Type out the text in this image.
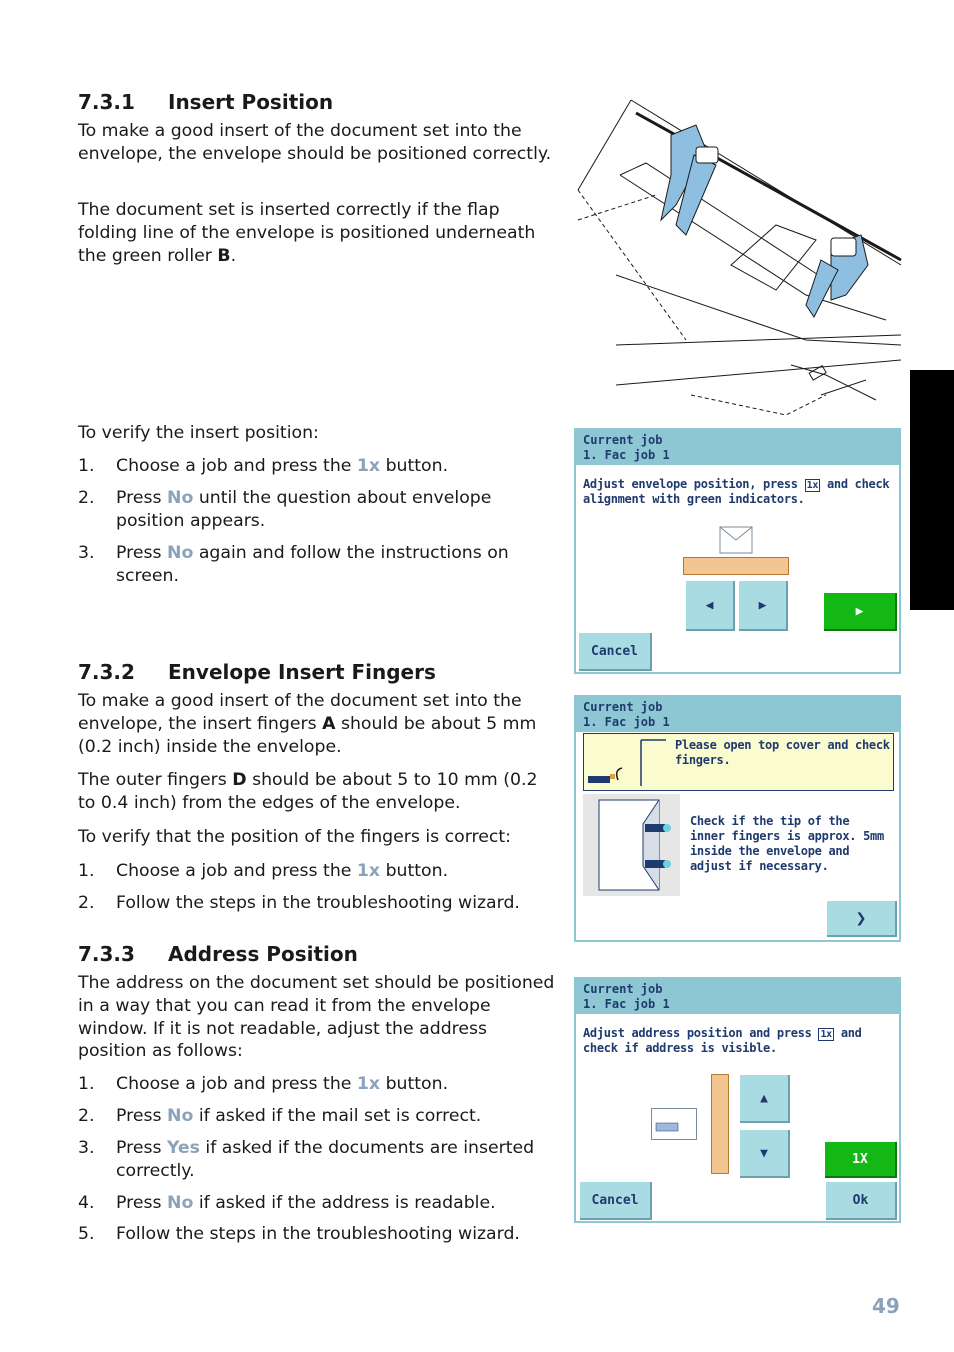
7.3.1 Insert Position

To make a good insert of the document set into the envelope, the envelope should be positioned correctly.

The document set is inserted correctly if the flap folding line of the envelope is positioned underneath the green roller B.

To verify the insert position:

1. Choose a job and press the 1x button.
2. Press No until the question about envelope position appears.
3. Press No again and follow the instructions on screen.
Current job
1. Fac job 1
Adjust envelope position, press 1x and check alignment with green indicators.
◀	▶	▶︎
Cancel
7.3.2 Envelope Insert Fingers

To make a good insert of the document set into the envelope, the insert fingers A should be about 5 mm (0.2 inch) inside the envelope.

The outer fingers D should be about 5 to 10 mm (0.2 to 0.4 inch) from the edges of the envelope.

To verify that the position of the fingers is correct:

1. Choose a job and press the 1x button.
2. Follow the steps in the troubleshooting wizard.
Current job
1. Fac job 1
Please open top cover and check fingers.
Check if the tip of the inner fingers is approx. 5mm inside the envelope and adjust if necessary.
❯
7.3.3 Address Position

The address on the document set should be positioned in a way that you can read it from the envelope window. If it is not readable, adjust the address position as follows:

1. Choose a job and press the 1x button.
2. Press No if asked if the mail set is correct.
3. Press Yes if asked if the documents are inserted correctly.
4. Press No if asked if the address is readable.
5. Follow the steps in the troubleshooting wizard.
Current job
1. Fac job 1
Adjust address position and press 1x and check if address is visible.
▲
▼	1X
Cancel	Ok
49
